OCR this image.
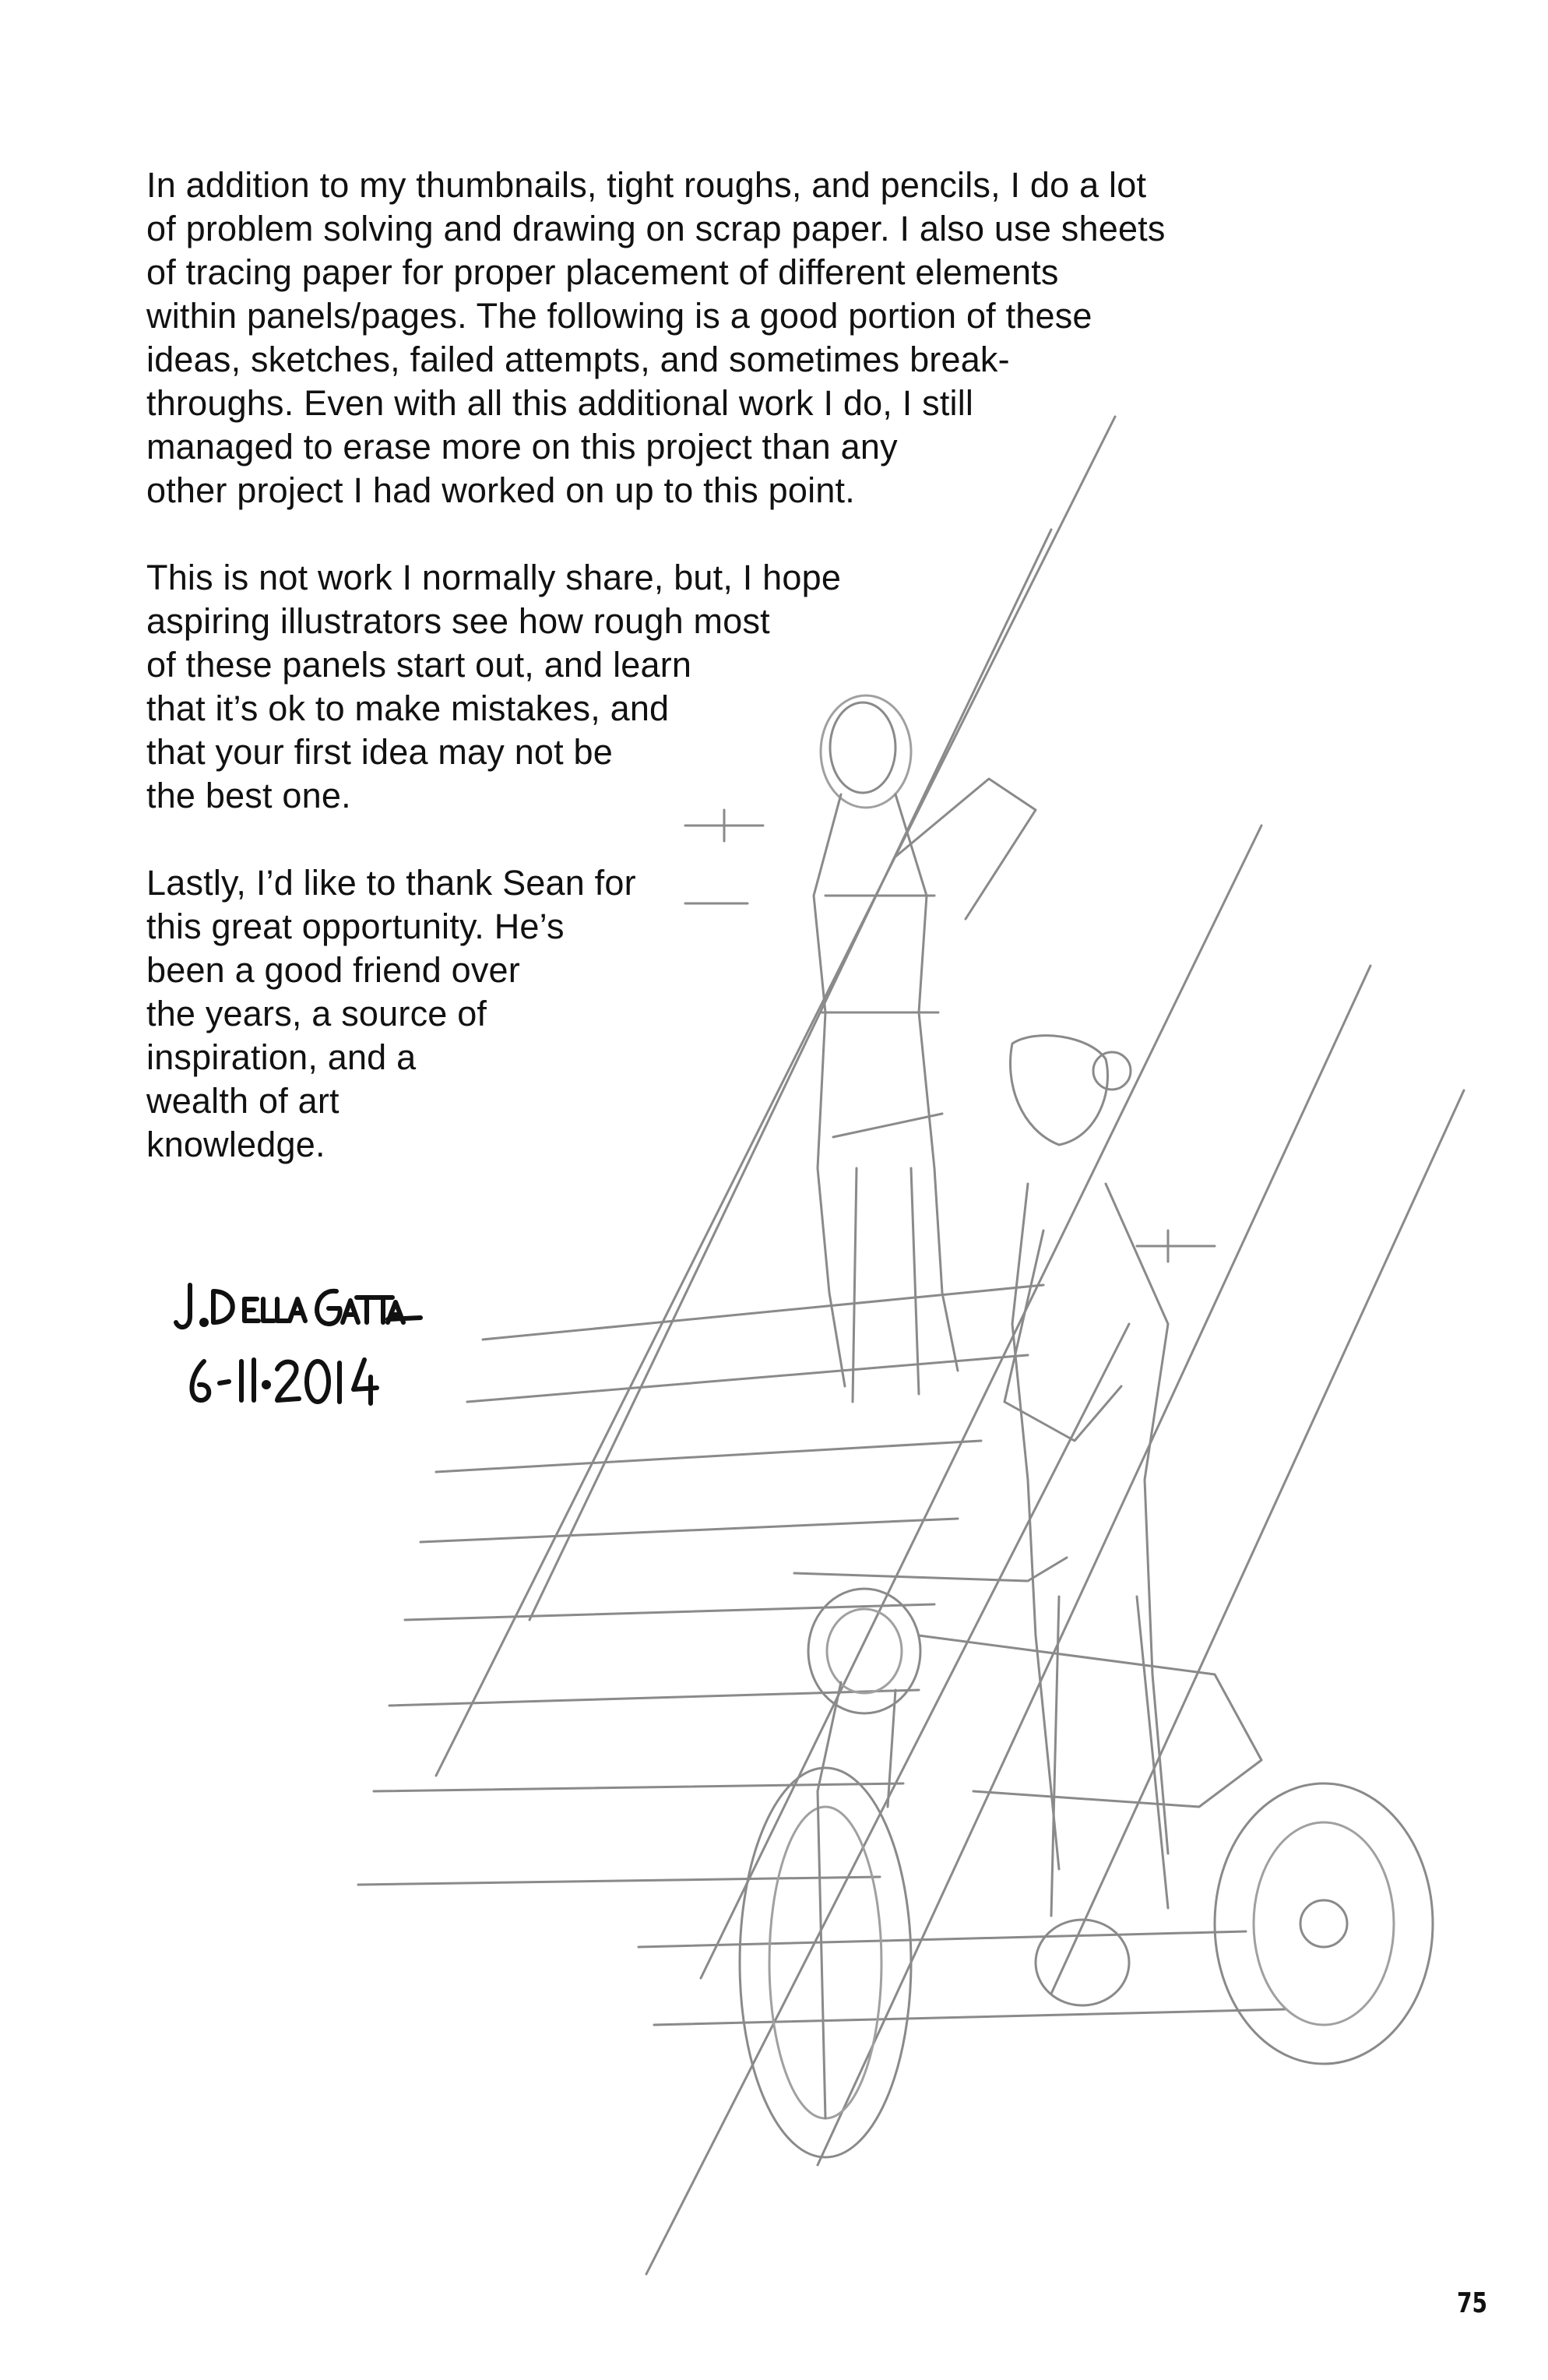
In addition to my thumbnails, tight roughs, and pencils, I do a lot
of problem solving and drawing on scrap paper. I also use sheets
of tracing paper for proper placement of different elements
within panels/pages. The following is a good portion of these
ideas, sketches, failed attempts, and sometimes break-
throughs. Even with all this additional work I do, I still
managed to erase more on this project than any
other project I had worked on up to this point.
This is not work I normally share, but, I hope
aspiring illustrators see how rough most
of these panels start out, and learn
that it’s ok to make mistakes, and
that your first idea may not be
the best one.
Lastly, I’d like to thank Sean for
this great opportunity. He’s
been a good friend over
the years, a source of
inspiration, and a
wealth of art
knowledge.
75
